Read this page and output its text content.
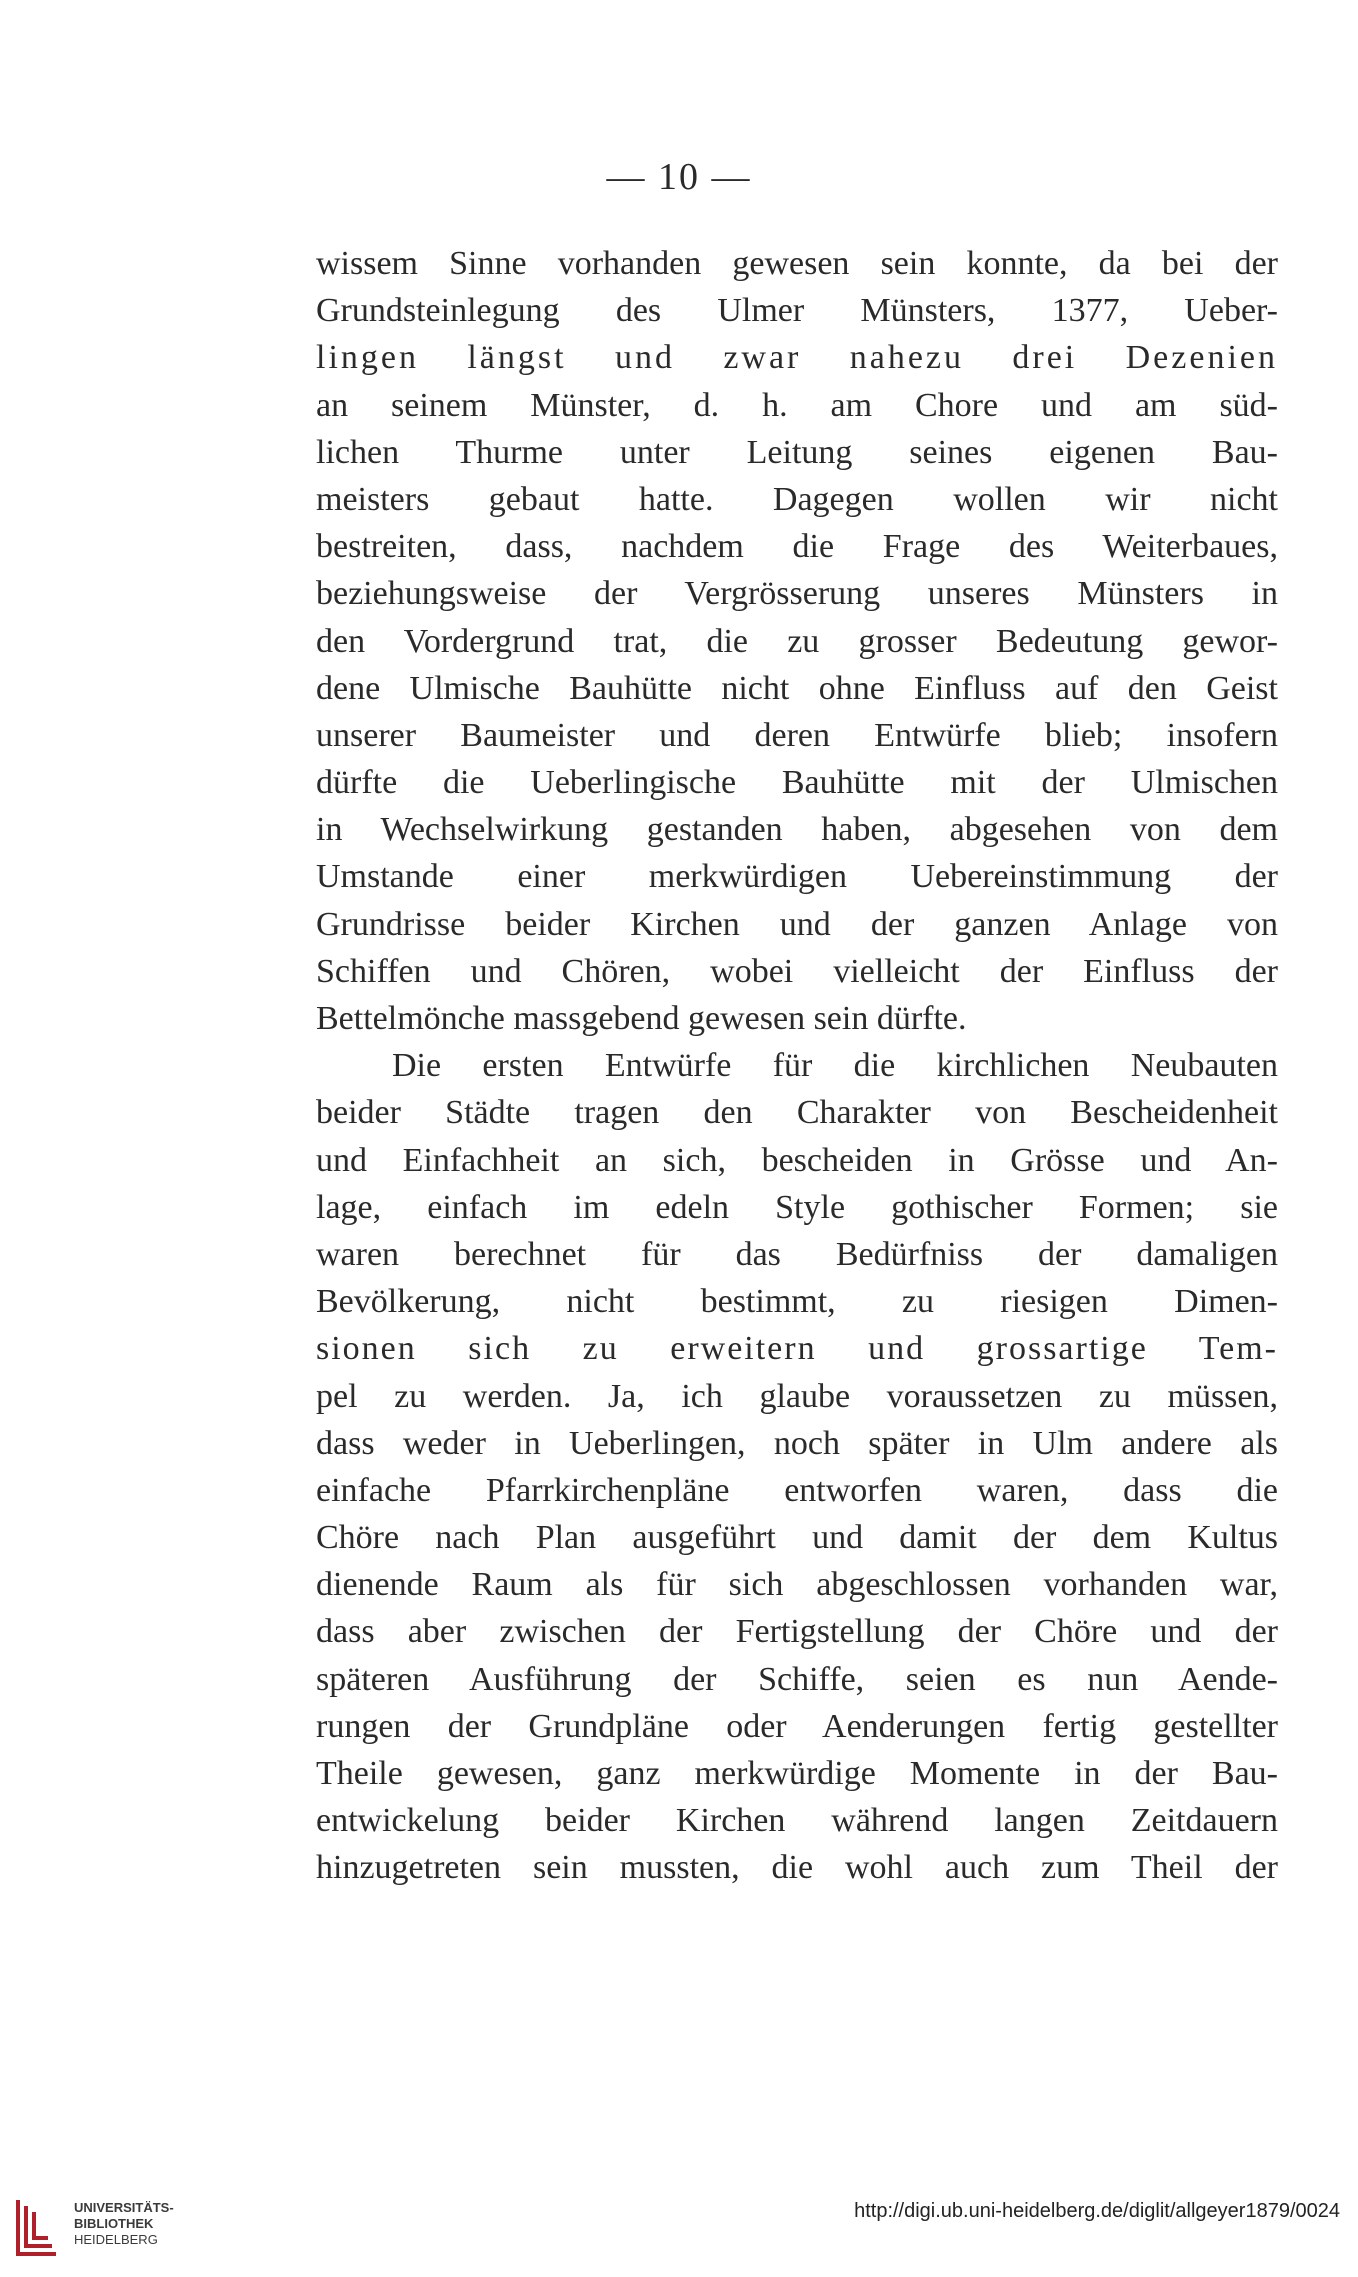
— 10 —
wissem Sinne vorhanden gewesen sein konnte, da bei der
Grundsteinlegung des Ulmer Münsters, 1377, Ueber-
lingen längst und zwar nahezu drei Dezenien
an seinem Münster, d. h. am Chore und am süd-
lichen Thurme unter Leitung seines eigenen Bau-
meisters gebaut hatte. Dagegen wollen wir nicht
bestreiten, dass, nachdem die Frage des Weiterbaues,
beziehungsweise der Vergrösserung unseres Münsters in
den Vordergrund trat, die zu grosser Bedeutung gewor-
dene Ulmische Bauhütte nicht ohne Einfluss auf den Geist
unserer Baumeister und deren Entwürfe blieb; insofern
dürfte die Ueberlingische Bauhütte mit der Ulmischen
in Wechselwirkung gestanden haben, abgesehen von dem
Umstande einer merkwürdigen Uebereinstimmung der
Grundrisse beider Kirchen und der ganzen Anlage von
Schiffen und Chören, wobei vielleicht der Einfluss der
Bettelmönche massgebend gewesen sein dürfte.
Die ersten Entwürfe für die kirchlichen Neubauten
beider Städte tragen den Charakter von Bescheidenheit
und Einfachheit an sich, bescheiden in Grösse und An-
lage, einfach im edeln Style gothischer Formen; sie
waren berechnet für das Bedürfniss der damaligen
Bevölkerung, nicht bestimmt, zu riesigen Dimen-
sionen sich zu erweitern und grossartige Tem-
pel zu werden. Ja, ich glaube voraussetzen zu müssen,
dass weder in Ueberlingen, noch später in Ulm andere als
einfache Pfarrkirchenpläne entworfen waren, dass die
Chöre nach Plan ausgeführt und damit der dem Kultus
dienende Raum als für sich abgeschlossen vorhanden war,
dass aber zwischen der Fertigstellung der Chöre und der
späteren Ausführung der Schiffe, seien es nun Aende-
rungen der Grundpläne oder Aenderungen fertig gestellter
Theile gewesen, ganz merkwürdige Momente in der Bau-
entwickelung beider Kirchen während langen Zeitdauern
hinzugetreten sein mussten, die wohl auch zum Theil der
UNIVERSITÄTS-
BIBLIOTHEK
HEIDELBERG
http://digi.ub.uni-heidelberg.de/diglit/allgeyer1879/0024
